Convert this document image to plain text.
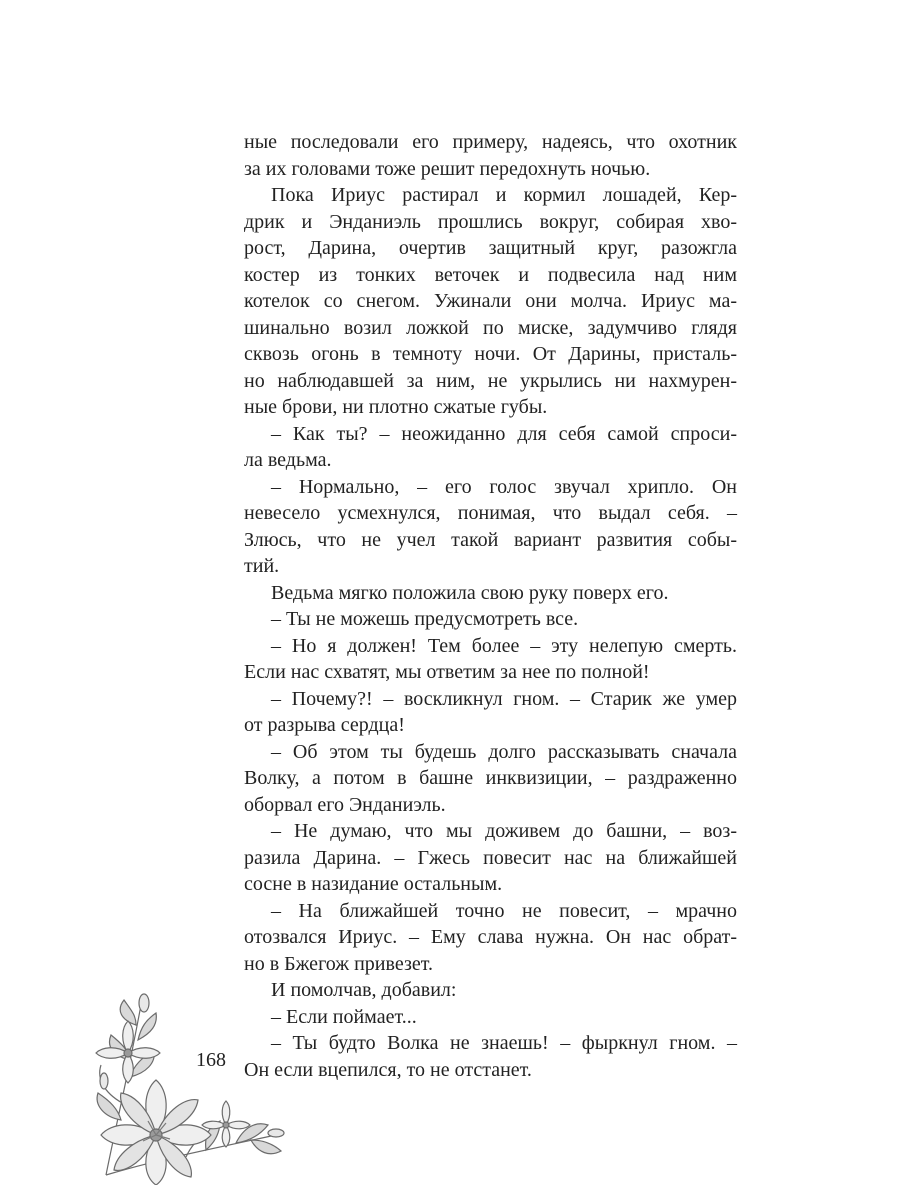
ные последовали его примеру, надеясь, что охотник
за их головами тоже решит передохнуть ночью.
Пока Ириус растирал и кормил лошадей, Кер-
дрик и Энданиэль прошлись вокруг, собирая хво-
рост, Дарина, очертив защитный круг, разожгла
костер из тонких веточек и подвесила над ним
котелок со снегом. Ужинали они молча. Ириус ма-
шинально возил ложкой по миске, задумчиво глядя
сквозь огонь в темноту ночи. От Дарины, присталь-
но наблюдавшей за ним, не укрылись ни нахмурен-
ные брови, ни плотно сжатые губы.
– Как ты? – неожиданно для себя самой спроси-
ла ведьма.
– Нормально, – его голос звучал хрипло. Он
невесело усмехнулся, понимая, что выдал себя. –
Злюсь, что не учел такой вариант развития собы-
тий.
Ведьма мягко положила свою руку поверх его.
– Ты не можешь предусмотреть все.
– Но я должен! Тем более – эту нелепую смерть.
Если нас схватят, мы ответим за нее по полной!
– Почему?! – воскликнул гном. – Старик же умер
от разрыва сердца!
– Об этом ты будешь долго рассказывать сначала
Волку, а потом в башне инквизиции, – раздраженно
оборвал его Энданиэль.
– Не думаю, что мы доживем до башни, – воз-
разила Дарина. – Гжесь повесит нас на ближайшей
сосне в назидание остальным.
– На ближайшей точно не повесит, – мрачно
отозвался Ириус. – Ему слава нужна. Он нас обрат-
но в Бжегож привезет.
И помолчав, добавил:
– Если поймает...
– Ты будто Волка не знаешь! – фыркнул гном. –
Он если вцепился, то не отстанет.
168
